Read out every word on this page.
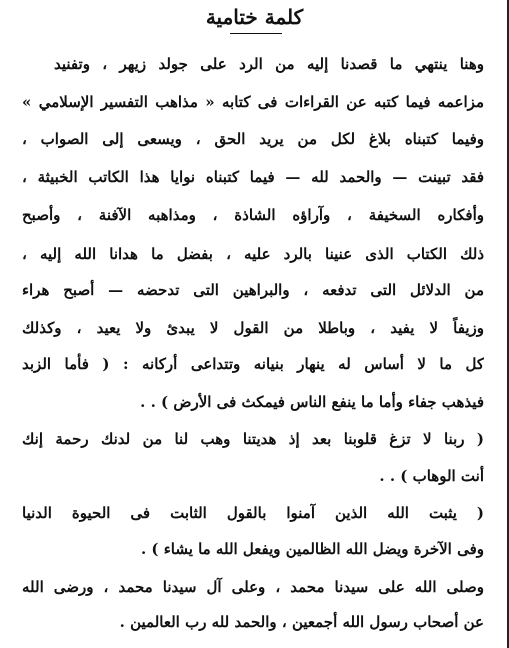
كلمة ختامية
وهنا ينتهي ما قصدنا إليه من الرد على جولد زيهر ، وتفنيد
مزاعمه فيما كتبه عن القراءات فى كتابه « مذاهب التفسير الإسلامي »
وفيما كتبناه بلاغ لكل من يريد الحق ، ويسعى إلى الصواب ،
فقد تبينت — والحمد لله — فيما كتبناه نوايا هذا الكاتب الخبيثة ،
وأفكاره السخيفة ، وآراؤه الشاذة ، ومذاهبه الآفنة ، وأصبح
ذلك الكتاب الذى عنينا بالرد عليه ، بفضل ما هدانا الله إليه ،
من الدلائل التى تدفعه ، والبراهين التى تدحضه — أصبح هراء
وزيفاً لا يفيد ، وباطلا من القول لا يبدئ ولا يعيد ، وكذلك
كل ما لا أساس له ينهار بنيانه وتتداعى أركانه : ( فأما الزبد
فيذهب جفاء وأما ما ينفع الناس فيمكث فى الأرض ) . .
( ربنا لا تزغ قلوبنا بعد إذ هديتنا وهب لنا من لدنك رحمة إنك
أنت الوهاب ) . .
( يثبت الله الذين آمنوا بالقول الثابت فى الحيوة الدنيا
وفى الآخرة ويضل الله الظالمين ويفعل الله ما يشاء ) .
وصلى الله على سيدنا محمد ، وعلى آل سيدنا محمد ، ورضى الله
عن أصحاب رسول الله أجمعين ، والحمد لله رب العالمين .
